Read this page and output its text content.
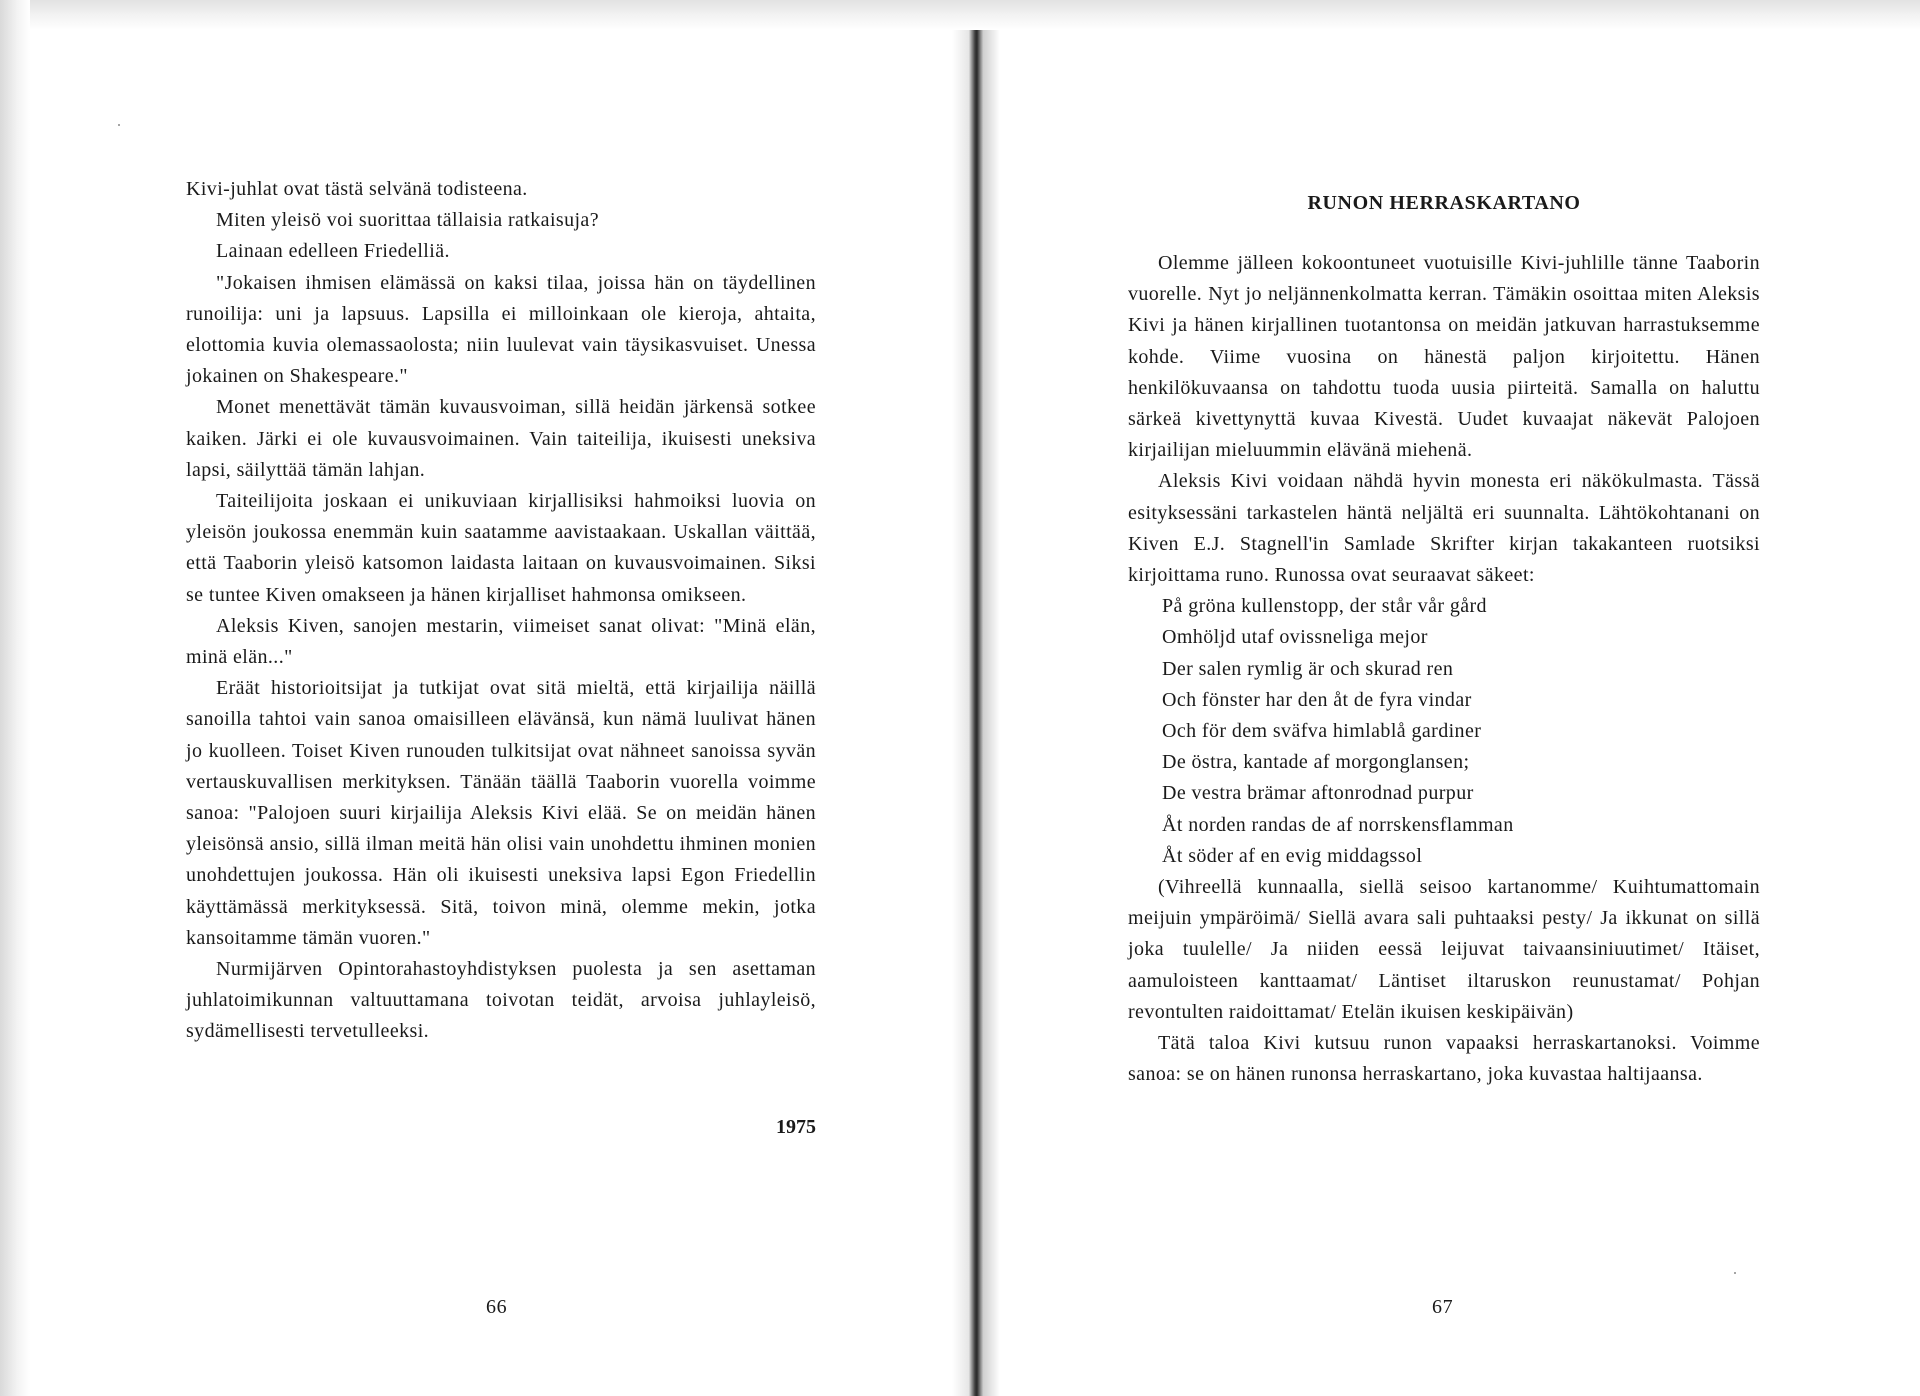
Kivi-juhlat ovat tästä selvänä todisteena.

Miten yleisö voi suorittaa tällaisia ratkaisuja?

Lainaan edelleen Friedelliä.

"Jokaisen ihmisen elämässä on kaksi tilaa, joissa hän on täydellinen runoilija: uni ja lapsuus. Lapsilla ei milloinkaan ole kieroja, ahtaita, elottomia kuvia olemassaolosta; niin luulevat vain täysikasvuiset. Unessa jokainen on Shakespeare."

Monet menettävät tämän kuvausvoiman, sillä heidän järkensä sotkee kaiken. Järki ei ole kuvausvoimainen. Vain taiteilija, ikuisesti uneksiva lapsi, säilyttää tämän lahjan.

Taiteilijoita joskaan ei unikuviaan kirjallisiksi hahmoiksi luovia on yleisön joukossa enemmän kuin saatamme aavistaakaan. Uskallan väittää, että Taaborin yleisö katsomon laidasta laitaan on kuvausvoimainen. Siksi se tuntee Kiven omakseen ja hänen kirjalliset hahmonsa omikseen.

Aleksis Kiven, sanojen mestarin, viimeiset sanat olivat: "Minä elän, minä elän..."

Eräät historioitsijat ja tutkijat ovat sitä mieltä, että kirjailija näillä sanoilla tahtoi vain sanoa omaisilleen elävänsä, kun nämä luulivat hänen jo kuolleen. Toiset Kiven runouden tulkitsijat ovat nähneet sanoissa syvän vertauskuvallisen merkityksen. Tänään täällä Taaborin vuorella voimme sanoa: "Palojoen suuri kirjailija Aleksis Kivi elää. Se on meidän hänen yleisönsä ansio, sillä ilman meitä hän olisi vain unohdettu ihminen monien unohdettujen joukossa. Hän oli ikuisesti uneksiva lapsi Egon Friedellin käyttämässä merkityksessä. Sitä, toivon minä, olemme mekin, jotka kansoitamme tämän vuoren."

Nurmijärven Opintorahastoyhdistyksen puolesta ja sen asettaman juhlatoimikunnan valtuuttamana toivotan teidät, arvoisa juhlayleisö, sydämellisesti tervetulleeksi.

1975
66
RUNON HERRASKARTANO

Olemme jälleen kokoontuneet vuotuisille Kivi-juhlille tänne Taaborin vuorelle. Nyt jo neljännenkolmatta kerran. Tämäkin osoittaa miten Aleksis Kivi ja hänen kirjallinen tuotantonsa on meidän jatkuvan harrastuksemme kohde. Viime vuosina on hänestä paljon kirjoitettu. Hänen henkilökuvaansa on tahdottu tuoda uusia piirteitä. Samalla on haluttu särkeä kivettynyttä kuvaa Kivestä. Uudet kuvaajat näkevät Palojoen kirjailijan mieluummin elävänä miehenä.

Aleksis Kivi voidaan nähdä hyvin monesta eri näkökulmasta. Tässä esityksessäni tarkastelen häntä neljältä eri suunnalta. Lähtökohtanani on Kiven E.J. Stagnell'in Samlade Skrifter kirjan takakanteen ruotsiksi kirjoittama runo. Runossa ovat seuraavat säkeet:

På gröna kullenstopp, der står vår gård
Omhöljd utaf ovissneliga mejor
Der salen rymlig är och skurad ren
Och fönster har den åt de fyra vindar
Och för dem sväfva himlablå gardiner
De östra, kantade af morgonglansen;
De vestra brämar aftonrodnad purpur
Åt norden randas de af norrskensflamman
Åt söder af en evig middagssol

(Vihreellä kunnaalla, siellä seisoo kartanomme/ Kuihtumattomain meijuin ympäröimä/ Siellä avara sali puhtaaksi pesty/ Ja ikkunat on sillä joka tuulelle/ Ja niiden eessä leijuvat taivaansiniuutimet/ Itäiset, aamuloisteen kanttaamat/ Läntiset iltaruskon reunustamat/ Pohjan revontulten raidoittamat/ Etelän ikuisen keskipäivän)

Tätä taloa Kivi kutsuu runon vapaaksi herraskartanoksi. Voimme sanoa: se on hänen runonsa herraskartano, joka kuvastaa haltijaansa.

67
